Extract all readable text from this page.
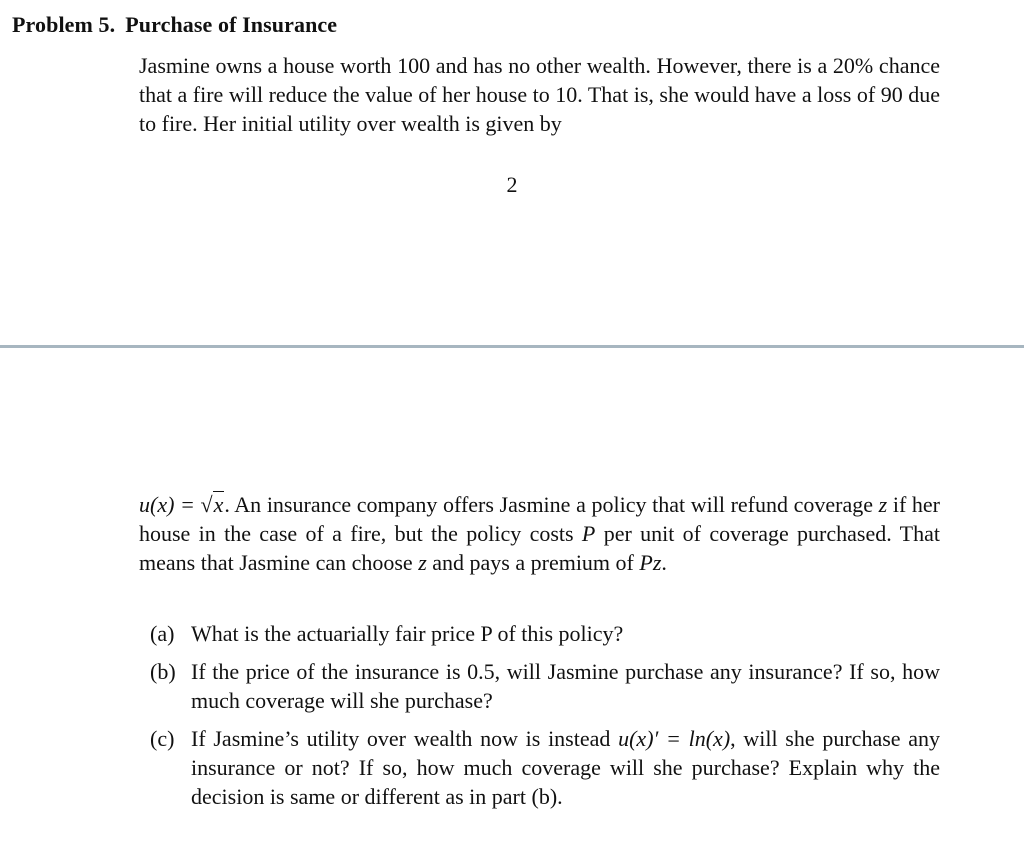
Problem 5. Purchase of Insurance
Jasmine owns a house worth 100 and has no other wealth. However, there is a 20% chance that a fire will reduce the value of her house to 10. That is, she would have a loss of 90 due to fire. Her initial utility over wealth is given by
2
u(x) = √x. An insurance company offers Jasmine a policy that will refund coverage z if her house in the case of a fire, but the policy costs P per unit of coverage purchased. That means that Jasmine can choose z and pays a premium of Pz.
(a) What is the actuarially fair price P of this policy?
(b) If the price of the insurance is 0.5, will Jasmine purchase any insurance? If so, how much coverage will she purchase?
(c) If Jasmine’s utility over wealth now is instead u(x)′ = ln(x), will she purchase any insurance or not? If so, how much coverage will she purchase? Explain why the decision is same or different as in part (b).
